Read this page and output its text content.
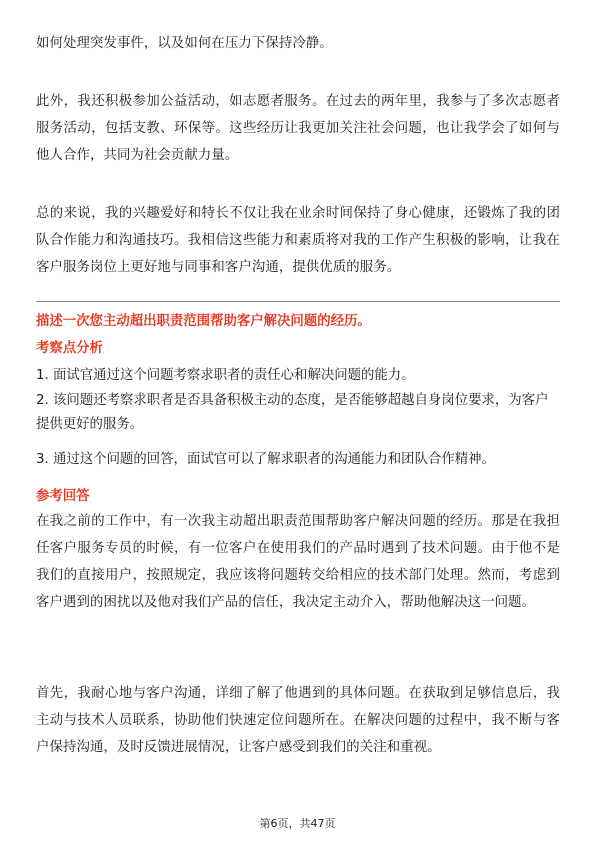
如何处理突发事件，以及如何在压力下保持冷静。

此外，我还积极参加公益活动，如志愿者服务。在过去的两年里，我参与了多次志愿者服务活动，包括支教、环保等。这些经历让我更加关注社会问题，也让我学会了如何与他人合作，共同为社会贡献力量。

总的来说，我的兴趣爱好和特长不仅让我在业余时间保持了身心健康，还锻炼了我的团队合作能力和沟通技巧。我相信这些能力和素质将对我的工作产生积极的影响，让我在客户服务岗位上更好地与同事和客户沟通，提供优质的服务。

描述一次您主动超出职责范围帮助客户解决问题的经历。

考察点分析

1. 面试官通过这个问题考察求职者的责任心和解决问题的能力。

2. 该问题还考察求职者是否具备积极主动的态度，是否能够超越自身岗位要求，为客户提供更好的服务。

3. 通过这个问题的回答，面试官可以了解求职者的沟通能力和团队合作精神。

参考回答

在我之前的工作中，有一次我主动超出职责范围帮助客户解决问题的经历。那是在我担任客户服务专员的时候，有一位客户在使用我们的产品时遇到了技术问题。由于他不是我们的直接用户，按照规定，我应该将问题转交给相应的技术部门处理。然而，考虑到客户遇到的困扰以及他对我们产品的信任，我决定主动介入，帮助他解决这一问题。

首先，我耐心地与客户沟通，详细了解了他遇到的具体问题。在获取到足够信息后，我主动与技术人员联系，协助他们快速定位问题所在。在解决问题的过程中，我不断与客户保持沟通，及时反馈进展情况，让客户感受到我们的关注和重视。

第6页，共47页
